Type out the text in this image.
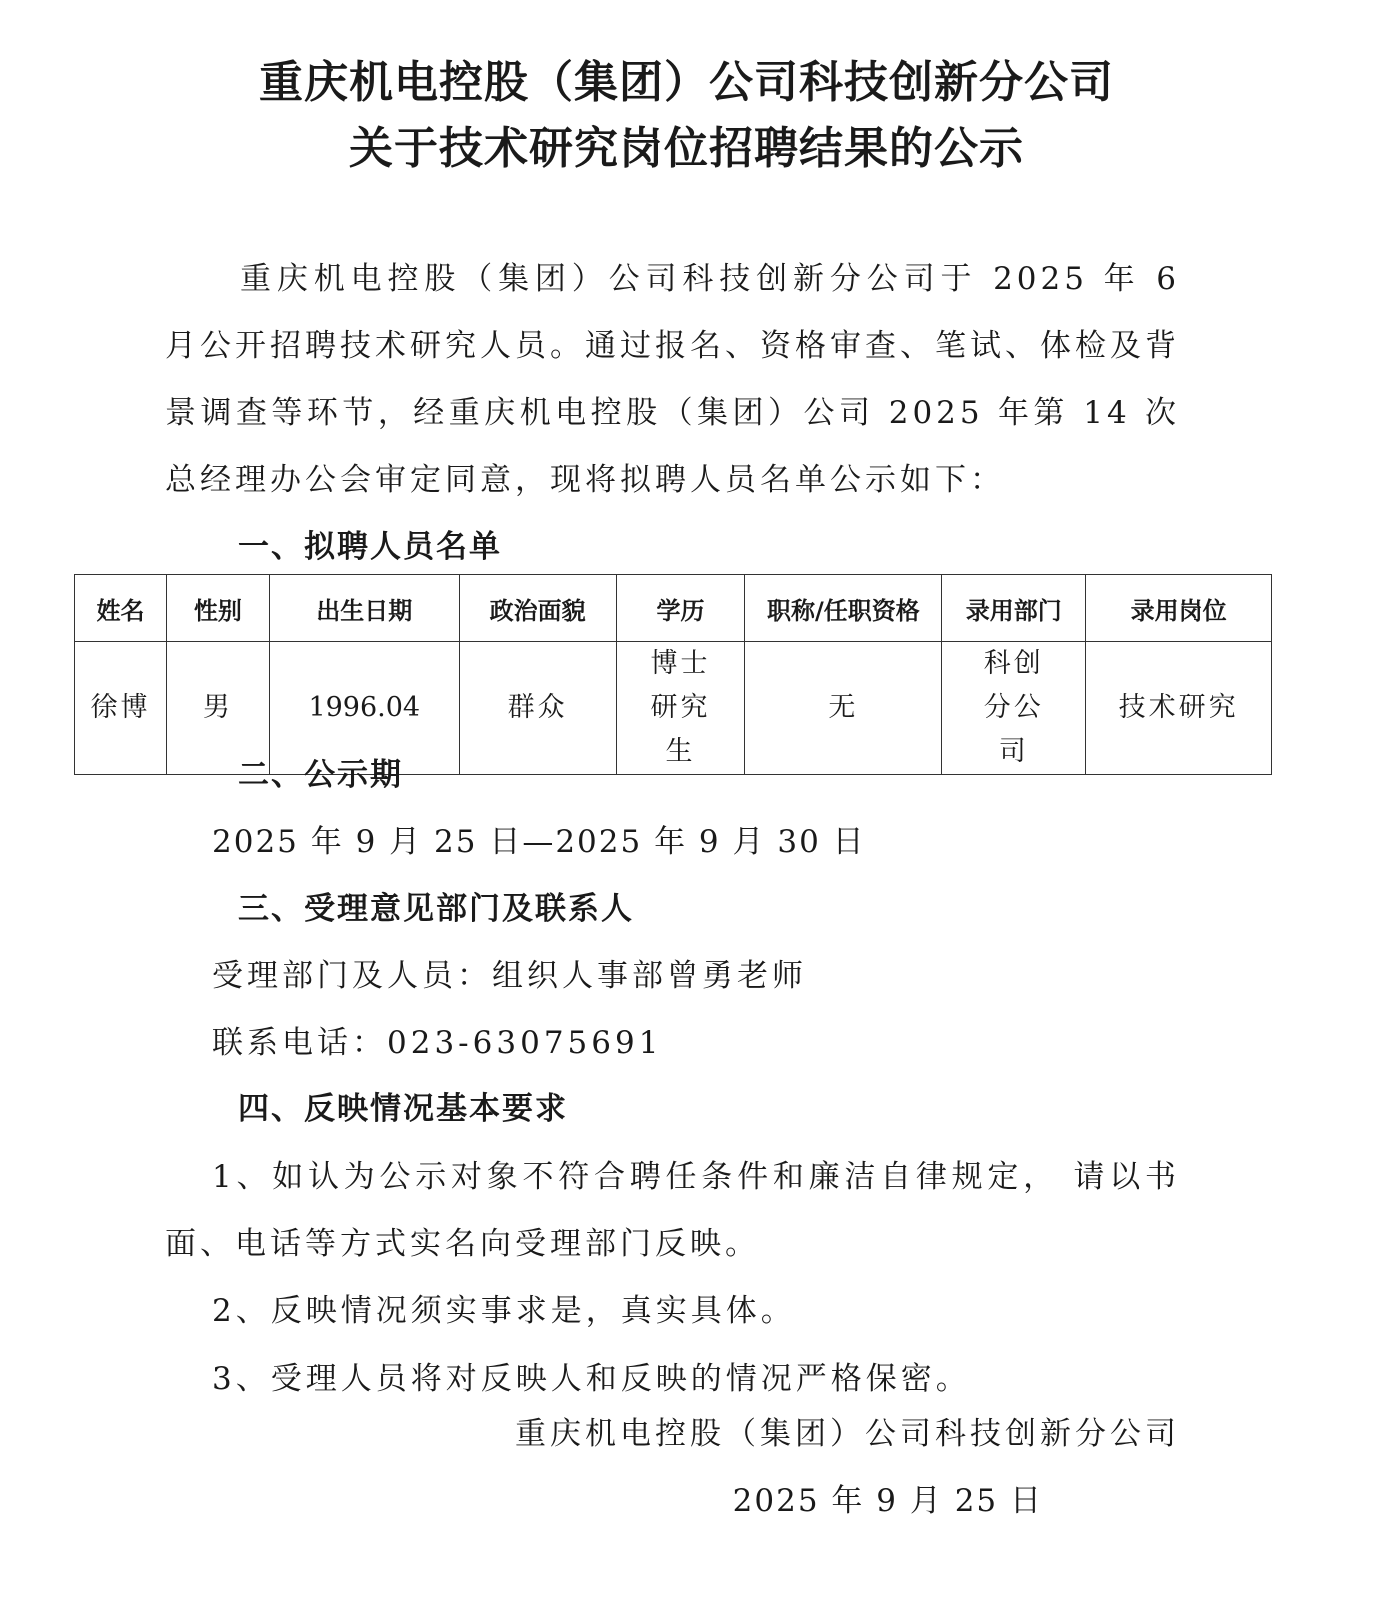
重庆机电控股（集团）公司科技创新分公司
关于技术研究岗位招聘结果的公示
重庆机电控股（集团）公司科技创新分公司于 2025 年 6 月公开招聘技术研究人员。通过报名、资格审查、笔试、体检及背景调查等环节，经重庆机电控股（集团）公司 2025 年第 14 次总经理办公会审定同意，现将拟聘人员名单公示如下：
一、拟聘人员名单
姓名	性别	出生日期	政治面貌	学历	职称/任职资格	录用部门	录用岗位
徐博	男	1996.04	群众	博士研究生	无	科创分公司	技术研究
二、公示期
2025 年 9 月 25 日—2025 年 9 月 30 日
三、受理意见部门及联系人
受理部门及人员：组织人事部曾勇老师
联系电话：023-63075691
四、反映情况基本要求
1、如认为公示对象不符合聘任条件和廉洁自律规定， 请以书面、电话等方式实名向受理部门反映。
2、反映情况须实事求是，真实具体。
3、受理人员将对反映人和反映的情况严格保密。
重庆机电控股（集团）公司科技创新分公司
2025 年 9 月 25 日
